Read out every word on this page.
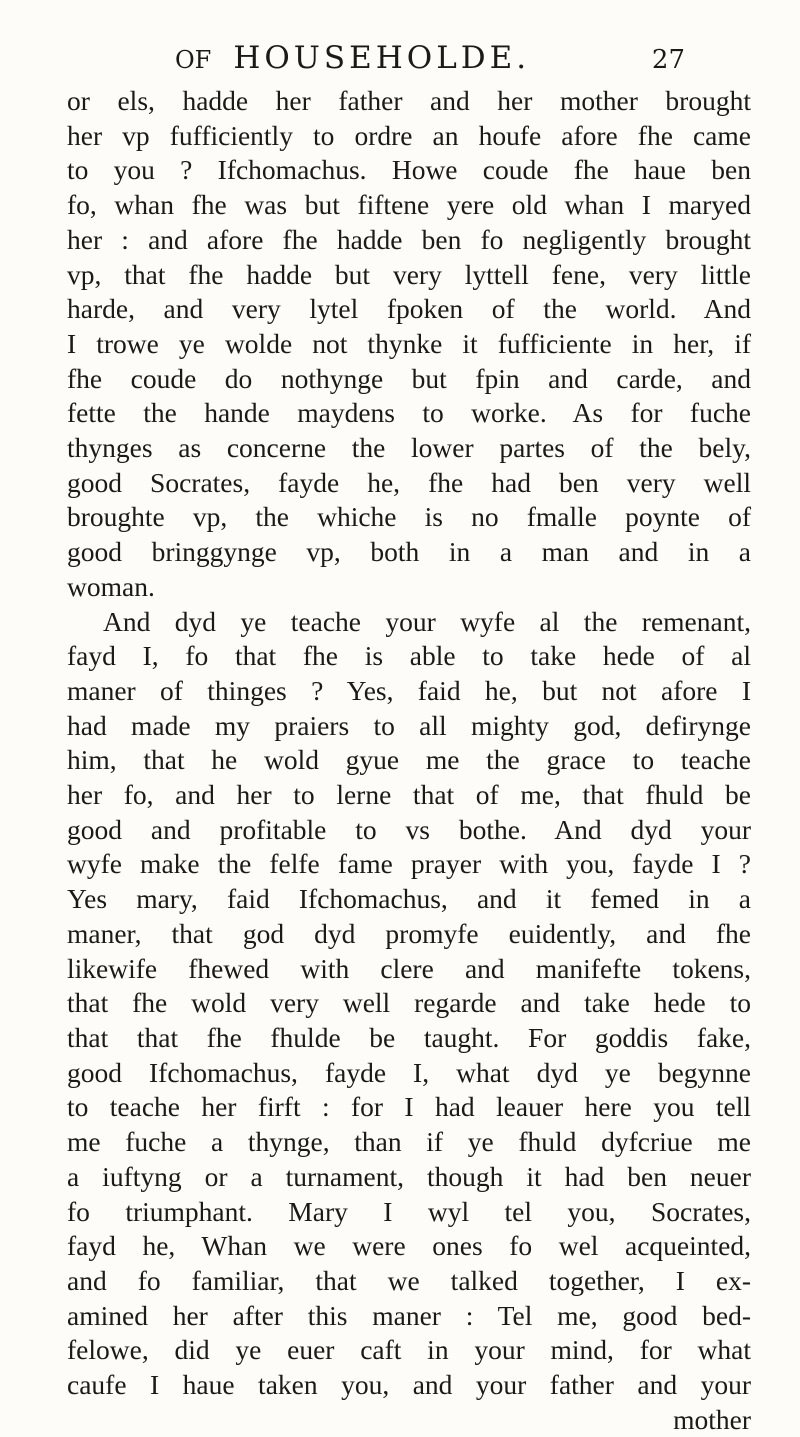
OF HOUSEHOLDE.	27
or els, hadde her father and her mother brought
her vp fufficiently to ordre an houfe afore fhe came
to you ? Ifchomachus. Howe coude fhe haue ben
fo, whan fhe was but fiftene yere old whan I maryed
her : and afore fhe hadde ben fo negligently brought
vp, that fhe hadde but very lyttell fene, very little
harde, and very lytel fpoken of the world. And
I trowe ye wolde not thynke it fufficiente in her, if
fhe coude do nothynge but fpin and carde, and
fette the hande maydens to worke. As for fuche
thynges as concerne the lower partes of the bely,
good Socrates, fayde he, fhe had ben very well
broughte vp, the whiche is no fmalle poynte of
good bringgynge vp, both in a man and in a
woman.
And dyd ye teache your wyfe al the remenant,
fayd I, fo that fhe is able to take hede of al
maner of thinges ? Yes, faid he, but not afore I
had made my praiers to all mighty god, defirynge
him, that he wold gyue me the grace to teache
her fo, and her to lerne that of me, that fhuld be
good and profitable to vs bothe. And dyd your
wyfe make the felfe fame prayer with you, fayde I ?
Yes mary, faid Ifchomachus, and it femed in a
maner, that god dyd promyfe euidently, and fhe
likewife fhewed with clere and manifefte tokens,
that fhe wold very well regarde and take hede to
that that fhe fhulde be taught. For goddis fake,
good Ifchomachus, fayde I, what dyd ye begynne
to teache her firft : for I had leauer here you tell
me fuche a thynge, than if ye fhuld dyfcriue me
a iuftyng or a turnament, though it had ben neuer
fo triumphant. Mary I wyl tel you, Socrates,
fayd he, Whan we were ones fo wel acqueinted,
and fo familiar, that we talked together, I ex-
amined her after this maner : Tel me, good bed-
felowe, did ye euer caft in your mind, for what
caufe I haue taken you, and your father and your
mother
